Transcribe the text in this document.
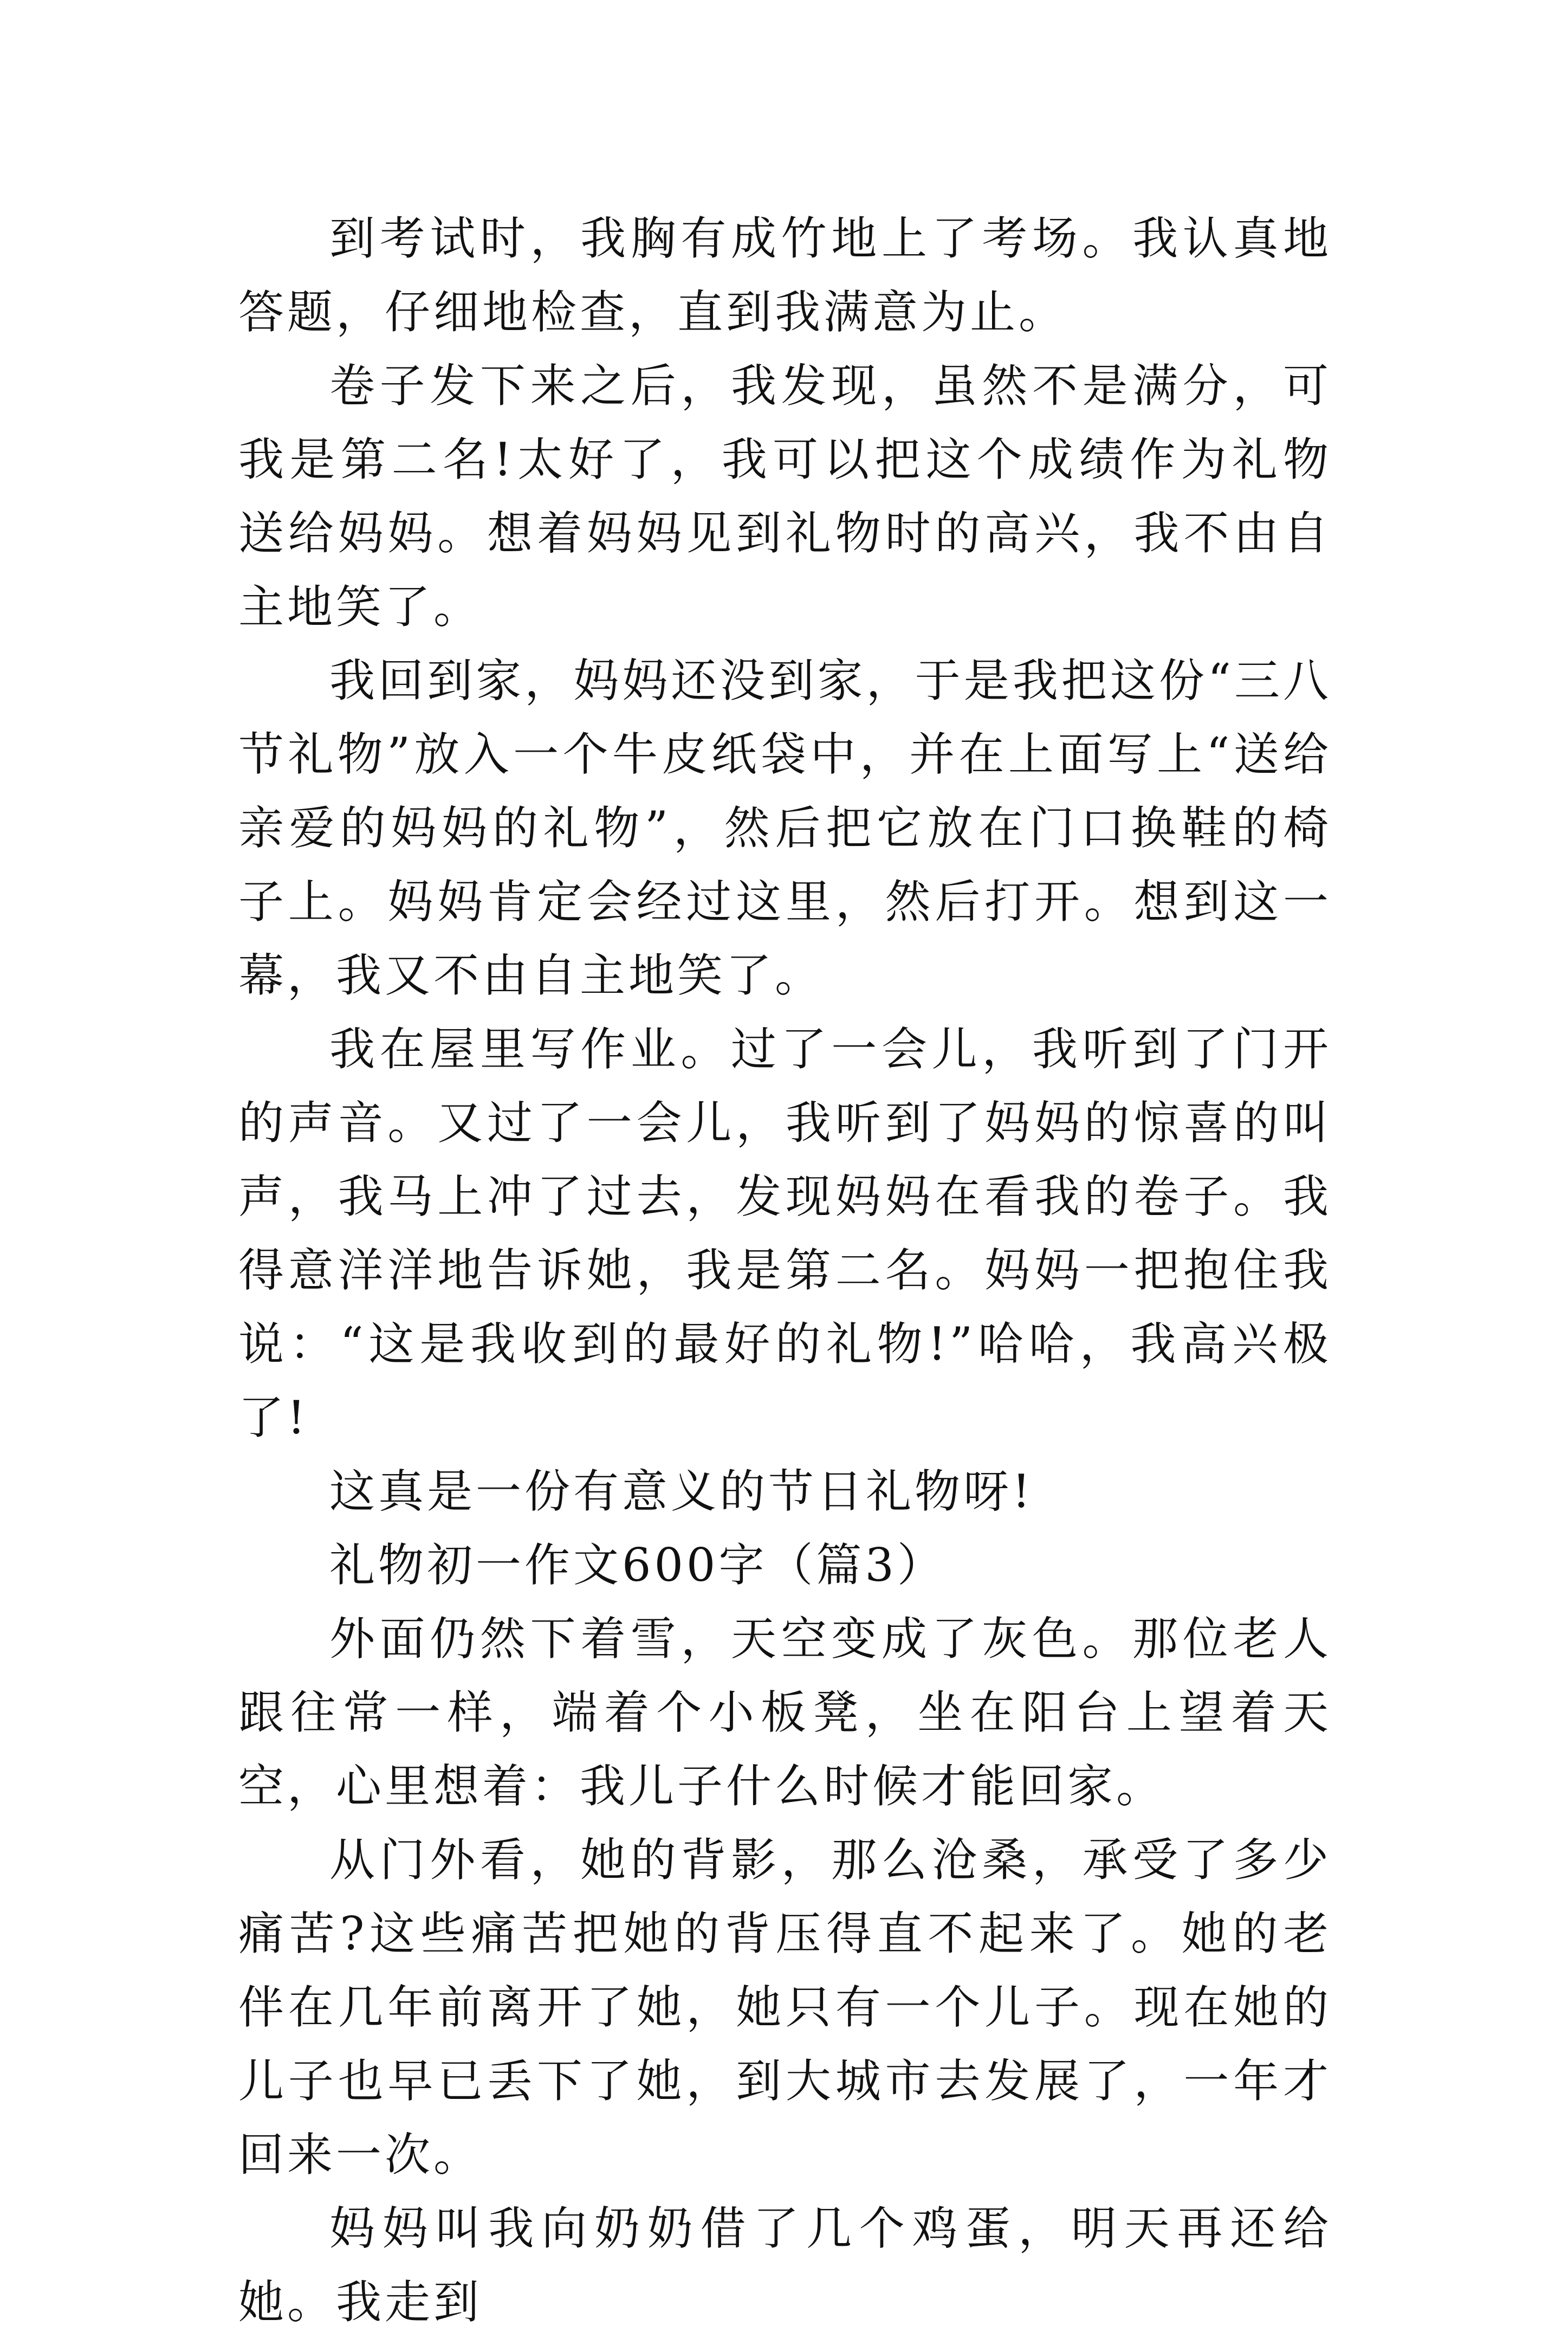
到考试时，我胸有成竹地上了考场。我认真地答题，仔细地检查，直到我满意为止。

卷子发下来之后，我发现，虽然不是满分，可我是第二名!太好了，我可以把这个成绩作为礼物送给妈妈。想着妈妈见到礼物时的高兴，我不由自主地笑了。

我回到家，妈妈还没到家，于是我把这份“三八节礼物”放入一个牛皮纸袋中，并在上面写上“送给亲爱的妈妈的礼物”，然后把它放在门口换鞋的椅子上。妈妈肯定会经过这里，然后打开。想到这一幕，我又不由自主地笑了。

我在屋里写作业。过了一会儿，我听到了门开的声音。又过了一会儿，我听到了妈妈的惊喜的叫声，我马上冲了过去，发现妈妈在看我的卷子。我得意洋洋地告诉她，我是第二名。妈妈一把抱住我说：“这是我收到的最好的礼物!”哈哈，我高兴极了!

这真是一份有意义的节日礼物呀!

礼物初一作文600字（篇3）

外面仍然下着雪，天空变成了灰色。那位老人跟往常一样，端着个小板凳，坐在阳台上望着天空，心里想着：我儿子什么时候才能回家。

从门外看，她的背影，那么沧桑，承受了多少痛苦?这些痛苦把她的背压得直不起来了。她的老伴在几年前离开了她，她只有一个儿子。现在她的儿子也早已丢下了她，到大城市去发展了，一年才回来一次。

妈妈叫我向奶奶借了几个鸡蛋，明天再还给她。我走到
